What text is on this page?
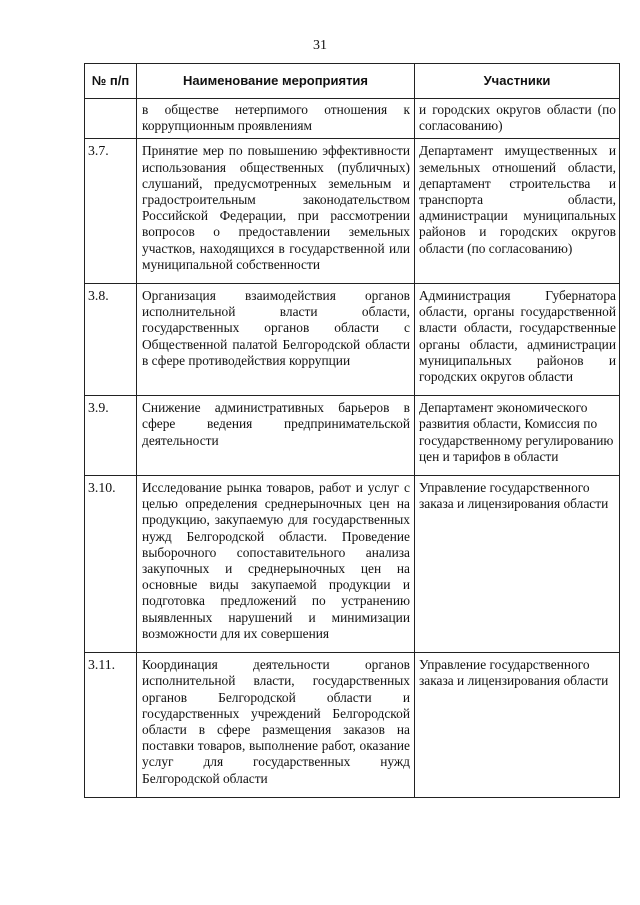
31
№ п/п	Наименование мероприятия	Участники
	в обществе нетерпимого отношения к коррупционным проявлениям	и городских округов области (по согласованию)
3.7.	Принятие мер по повышению эффективности использования общественных (публичных) слушаний, предусмотренных земельным и градостроительным законодательством Российской Федерации, при рассмотрении вопросов о предоставлении земельных участков, находящихся в государственной или муниципальной собственности	Департамент имущественных и земельных отношений области, департамент строительства и транспорта области, администрации муниципальных районов и городских округов области (по согласованию)
3.8.	Организация взаимодействия органов исполнительной власти области, государственных органов области с Общественной палатой Белгородской области в сфере противодействия коррупции	Администрация Губернатора области, органы государственной власти области, государственные органы области, администрации муниципальных районов и городских округов области
3.9.	Снижение административных барьеров в сфере ведения предпринимательской деятельности	Департамент экономического развития области, Комиссия по государственному регулированию цен и тарифов в области
3.10.	Исследование рынка товаров, работ и услуг с целью определения среднерыночных цен на продукцию, закупаемую для государственных нужд Белгородской области. Проведение выборочного сопоставительного анализа закупочных и среднерыночных цен на основные виды закупаемой продукции и подготовка предложений по устранению выявленных нарушений и минимизации возможности для их совершения	Управление государственного заказа и лицензирования области
3.11.	Координация деятельности органов исполнительной власти, государственных органов Белгородской области и государственных учреждений Белгородской области в сфере размещения заказов на поставки товаров, выполнение работ, оказание услуг для государственных нужд Белгородской области	Управление государственного заказа и лицензирования области
